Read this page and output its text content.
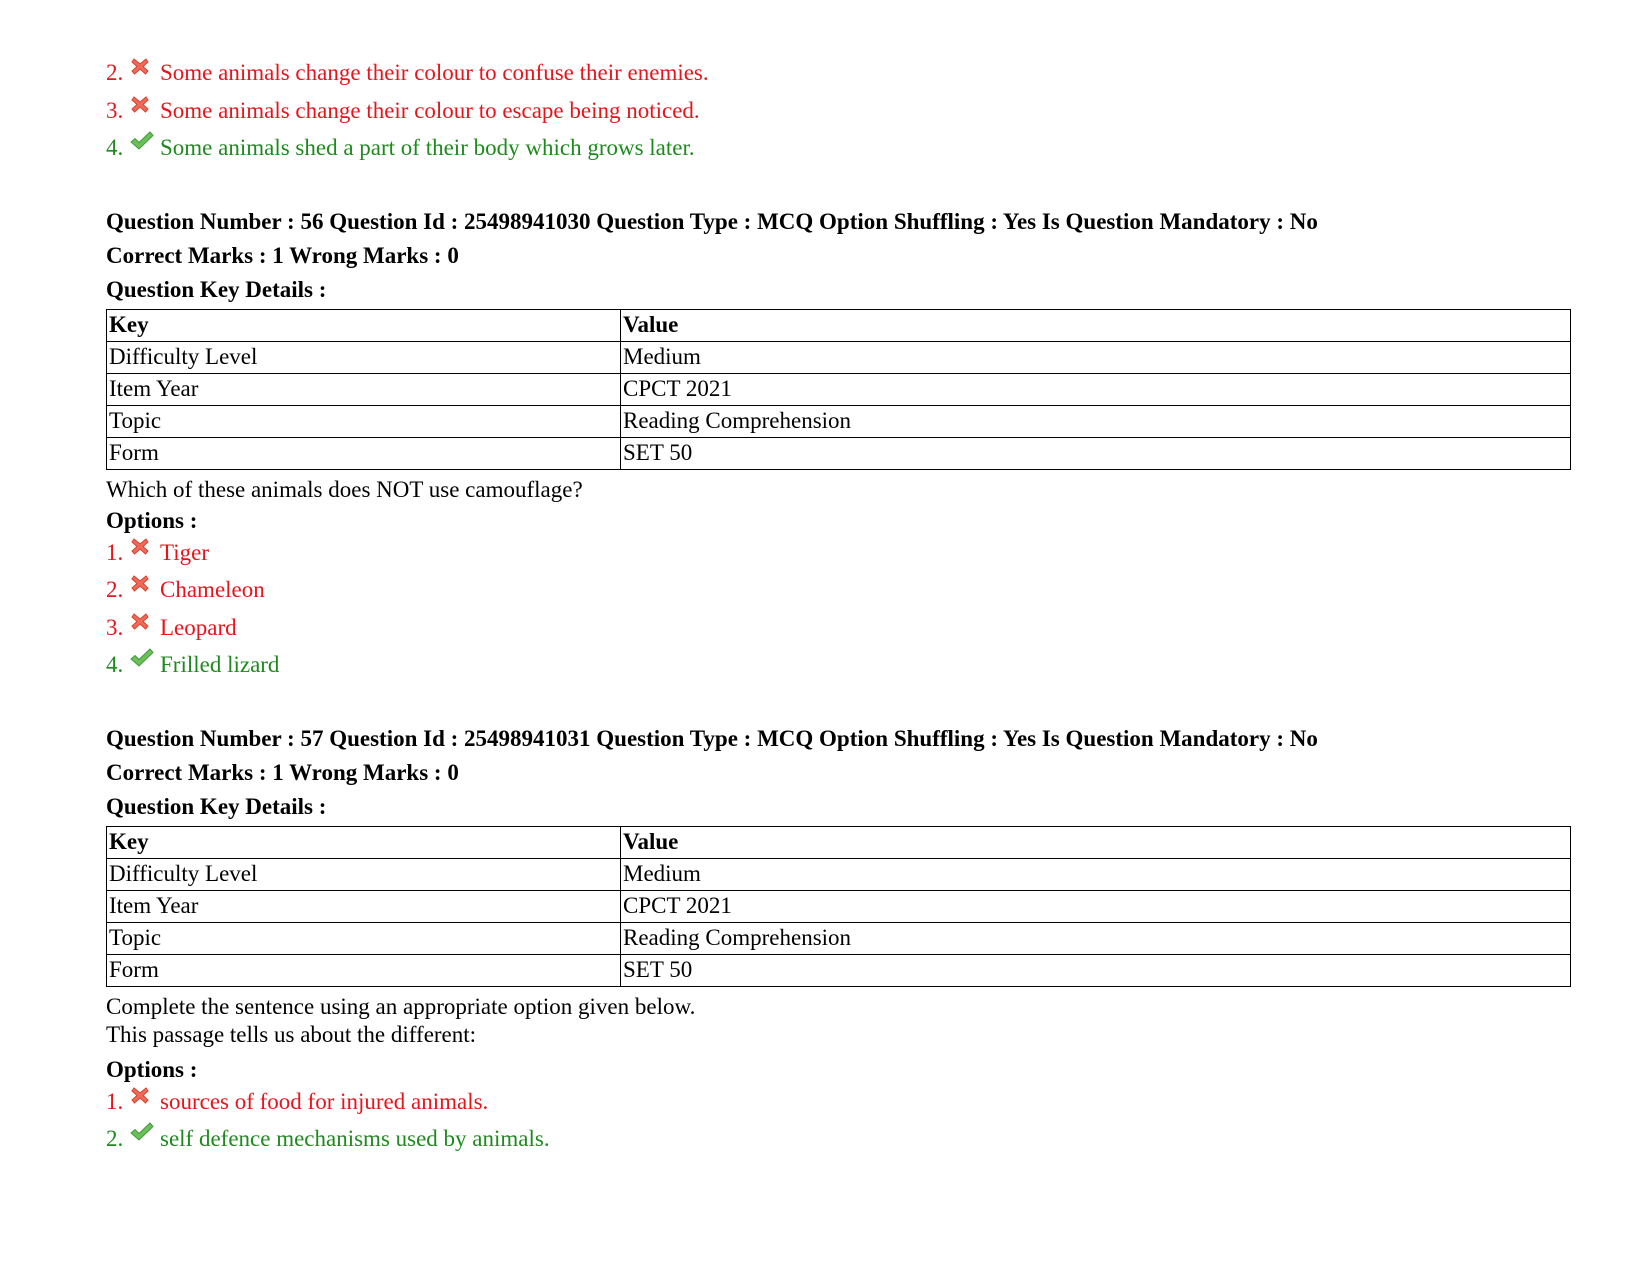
2. Some animals change their colour to confuse their enemies.
3. Some animals change their colour to escape being noticed.
4. Some animals shed a part of their body which grows later.
Question Number : 56 Question Id : 25498941030 Question Type : MCQ Option Shuffling : Yes Is Question Mandatory : No
Correct Marks : 1 Wrong Marks : 0
Question Key Details :
Key	Value
Difficulty Level	Medium
Item Year	CPCT 2021
Topic	Reading Comprehension
Form	SET 50
Which of these animals does NOT use camouflage?
Options :
1. Tiger
2. Chameleon
3. Leopard
4. Frilled lizard
Question Number : 57 Question Id : 25498941031 Question Type : MCQ Option Shuffling : Yes Is Question Mandatory : No
Correct Marks : 1 Wrong Marks : 0
Question Key Details :
Key	Value
Difficulty Level	Medium
Item Year	CPCT 2021
Topic	Reading Comprehension
Form	SET 50
Complete the sentence using an appropriate option given below.
This passage tells us about the different:
Options :
1. sources of food for injured animals.
2. self defence mechanisms used by animals.
